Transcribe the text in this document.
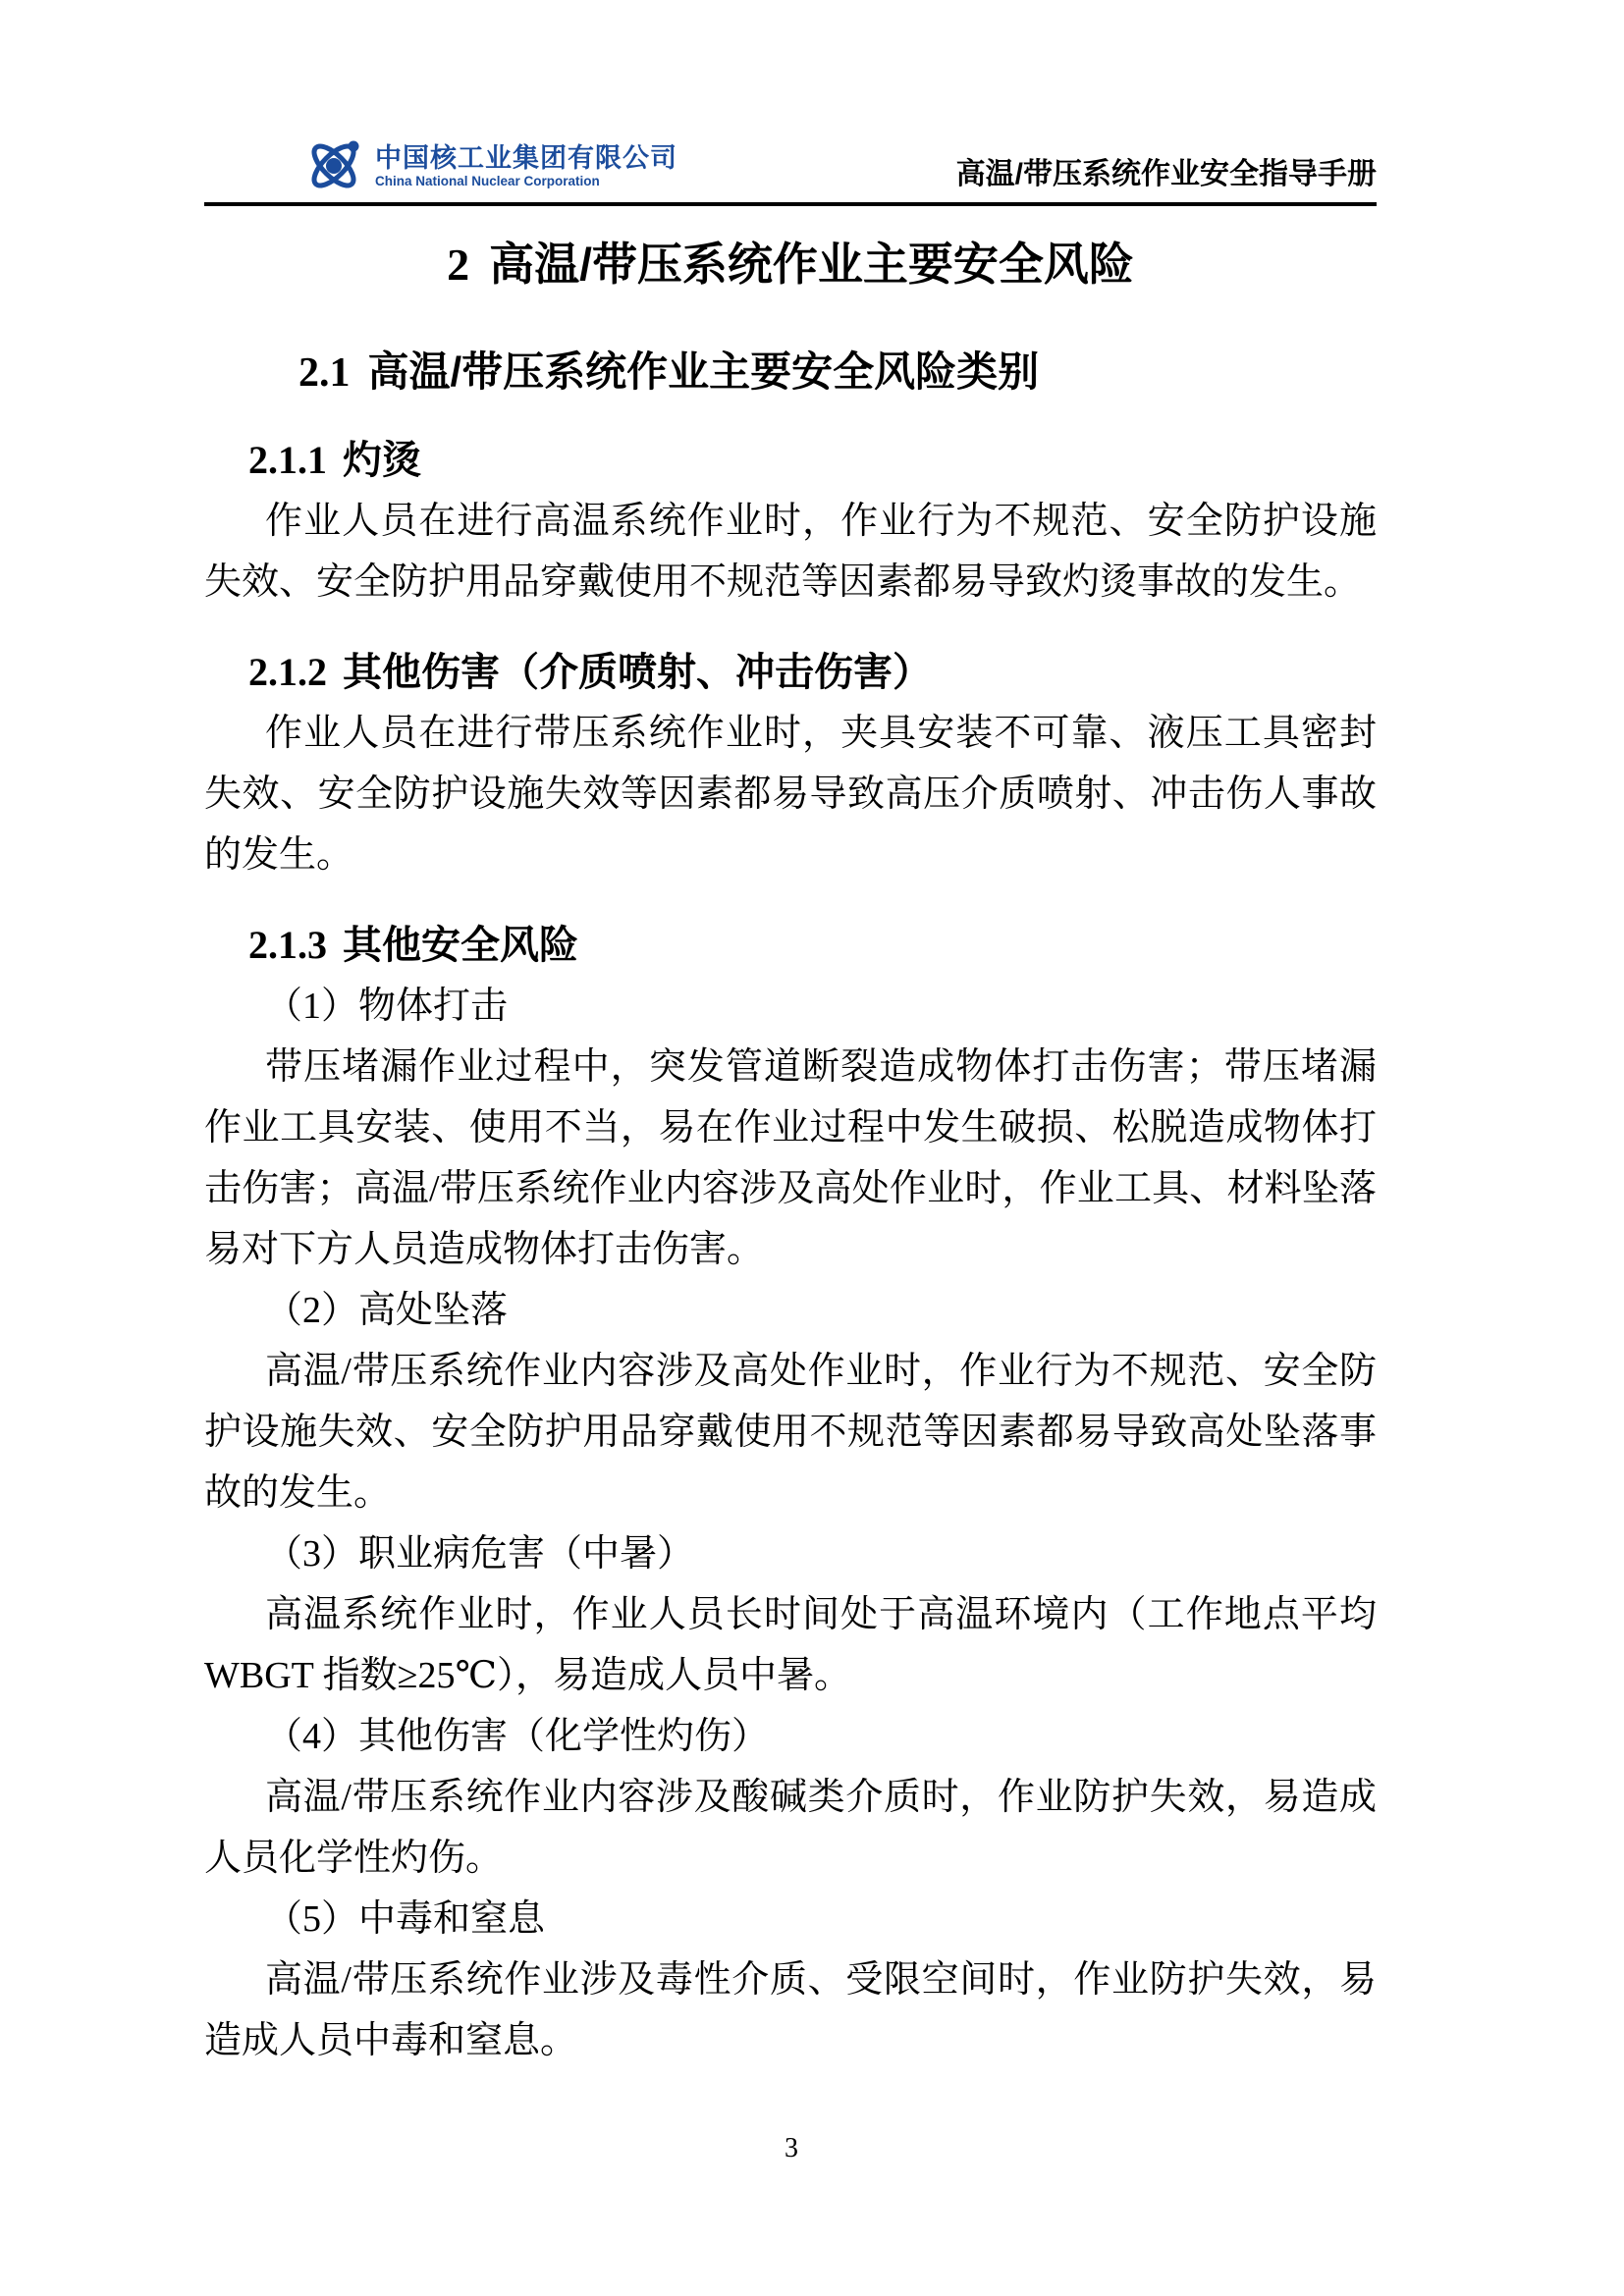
中国核工业集团有限公司
China National Nuclear Corporation	高温/带压系统作业安全指导手册
2 高温/带压系统作业主要安全风险
2.1 高温/带压系统作业主要安全风险类别
2.1.1 灼烫

作业人员在进行高温系统作业时，作业行为不规范、安全防护设施失效、安全防护用品穿戴使用不规范等因素都易导致灼烫事故的发生。

2.1.2 其他伤害（介质喷射、冲击伤害）

作业人员在进行带压系统作业时，夹具安装不可靠、液压工具密封失效、安全防护设施失效等因素都易导致高压介质喷射、冲击伤人事故的发生。

2.1.3 其他安全风险

（1）物体打击

带压堵漏作业过程中，突发管道断裂造成物体打击伤害；带压堵漏作业工具安装、使用不当，易在作业过程中发生破损、松脱造成物体打击伤害；高温/带压系统作业内容涉及高处作业时，作业工具、材料坠落易对下方人员造成物体打击伤害。

（2）高处坠落

高温/带压系统作业内容涉及高处作业时，作业行为不规范、安全防护设施失效、安全防护用品穿戴使用不规范等因素都易导致高处坠落事故的发生。

（3）职业病危害（中暑）

高温系统作业时，作业人员长时间处于高温环境内（工作地点平均 WBGT 指数≥25℃），易造成人员中暑。

（4）其他伤害（化学性灼伤）

高温/带压系统作业内容涉及酸碱类介质时，作业防护失效，易造成人员化学性灼伤。

（5）中毒和窒息

高温/带压系统作业涉及毒性介质、受限空间时，作业防护失效，易造成人员中毒和窒息。

3
